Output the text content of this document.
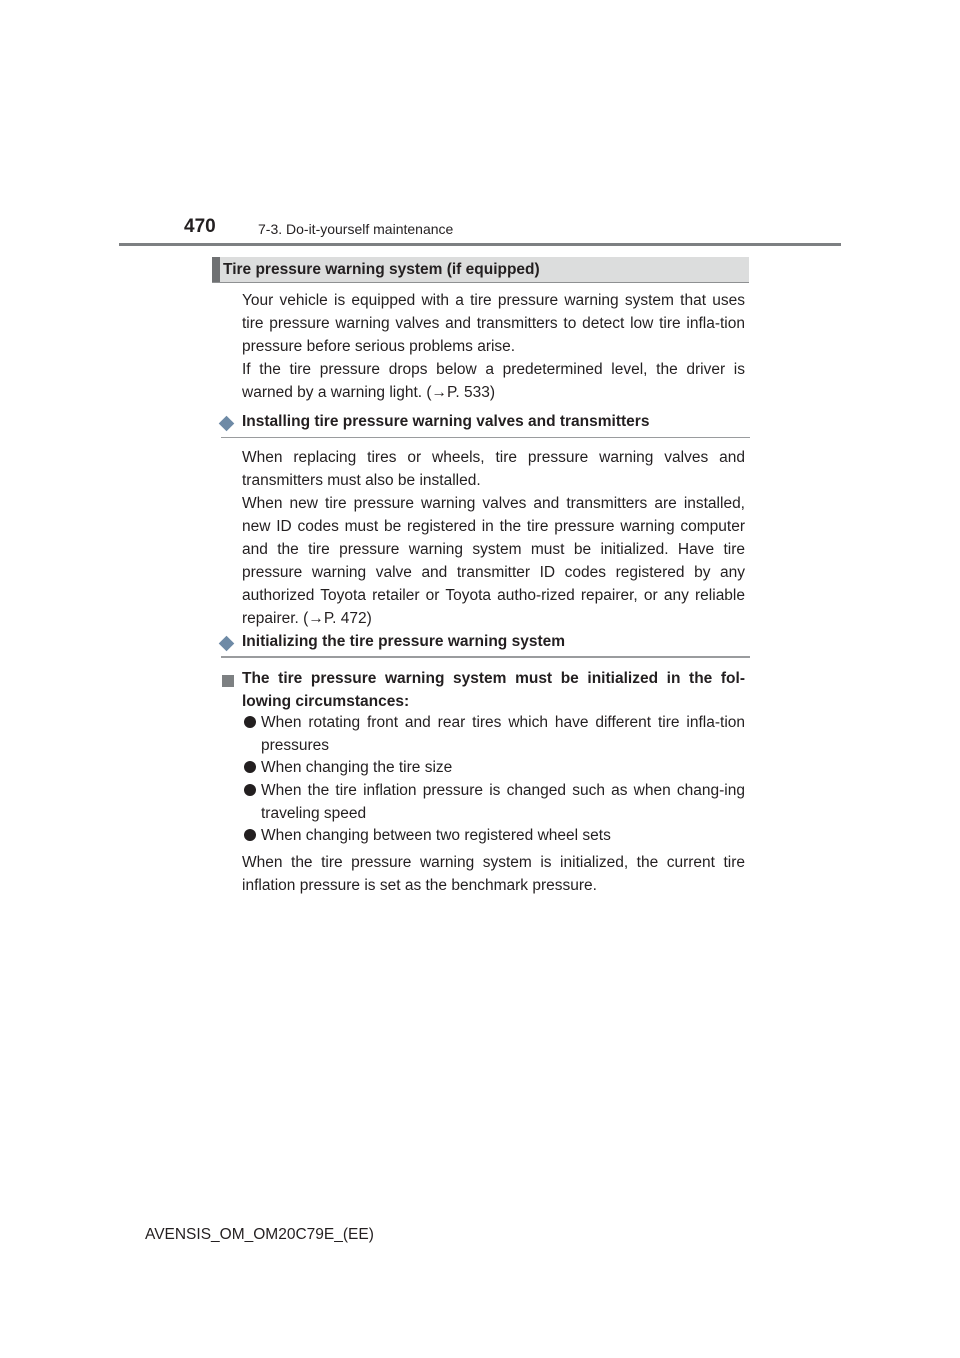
470	7-3. Do-it-yourself maintenance
Tire pressure warning system (if equipped)
Your vehicle is equipped with a tire pressure warning system that uses tire pressure warning valves and transmitters to detect low tire infla-tion pressure before serious problems arise.
If the tire pressure drops below a predetermined level, the driver is warned by a warning light. (→P. 533)
Installing tire pressure warning valves and transmitters
When replacing tires or wheels, tire pressure warning valves and transmitters must also be installed.
When new tire pressure warning valves and transmitters are installed, new ID codes must be registered in the tire pressure warning computer and the tire pressure warning system must be initialized. Have tire pressure warning valve and transmitter ID codes registered by any authorized Toyota retailer or Toyota autho-rized repairer, or any reliable repairer. (→P. 472)
Initializing the tire pressure warning system
The tire pressure warning system must be initialized in the fol-lowing circumstances:
When rotating front and rear tires which have different tire infla-tion pressures
When changing the tire size
When the tire inflation pressure is changed such as when chang-ing traveling speed
When changing between two registered wheel sets
When the tire pressure warning system is initialized, the current tire inflation pressure is set as the benchmark pressure.
AVENSIS_OM_OM20C79E_(EE)
